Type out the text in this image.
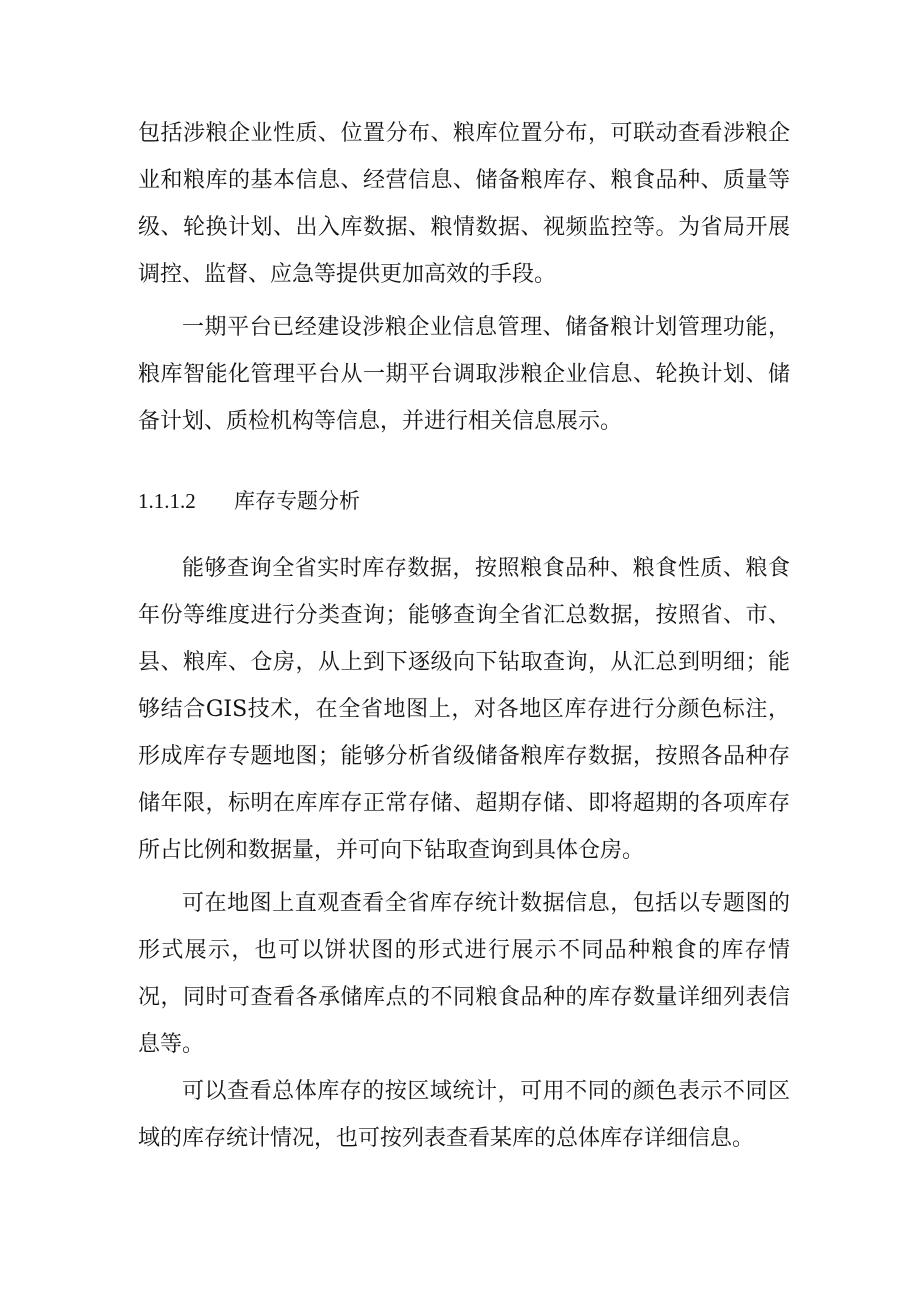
包括涉粮企业性质、位置分布、粮库位置分布，可联动查看涉粮企业和粮库的基本信息、经营信息、储备粮库存、粮食品种、质量等级、轮换计划、出入库数据、粮情数据、视频监控等。为省局开展调控、监督、应急等提供更加高效的手段。

一期平台已经建设涉粮企业信息管理、储备粮计划管理功能，粮库智能化管理平台从一期平台调取涉粮企业信息、轮换计划、储备计划、质检机构等信息，并进行相关信息展示。

1.1.1.2 库存专题分析

能够查询全省实时库存数据，按照粮食品种、粮食性质、粮食年份等维度进行分类查询；能够查询全省汇总数据，按照省、市、县、粮库、仓房，从上到下逐级向下钻取查询，从汇总到明细；能够结合GIS技术，在全省地图上，对各地区库存进行分颜色标注，形成库存专题地图；能够分析省级储备粮库存数据，按照各品种存储年限，标明在库库存正常存储、超期存储、即将超期的各项库存所占比例和数据量，并可向下钻取查询到具体仓房。

可在地图上直观查看全省库存统计数据信息，包括以专题图的形式展示，也可以饼状图的形式进行展示不同品种粮食的库存情况，同时可查看各承储库点的不同粮食品种的库存数量详细列表信息等。

可以查看总体库存的按区域统计，可用不同的颜色表示不同区域的库存统计情况，也可按列表查看某库的总体库存详细信息。
